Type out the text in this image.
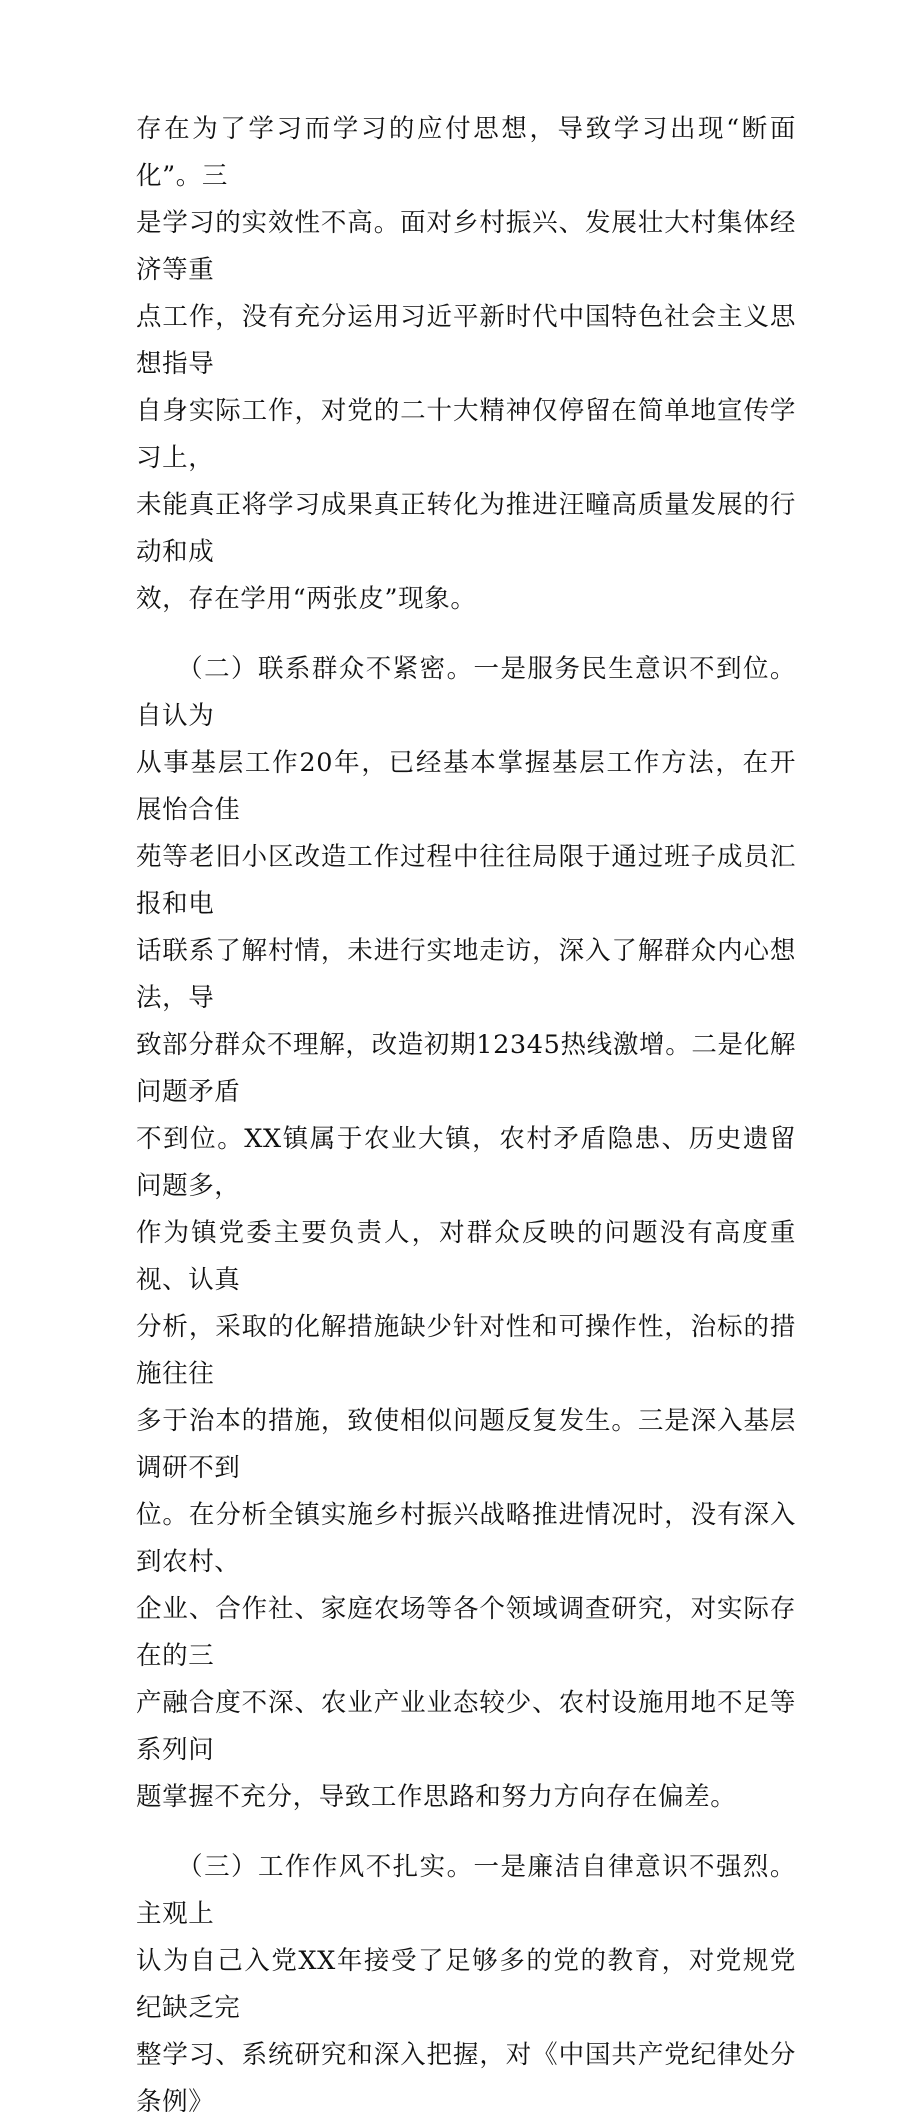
存在为了学习而学习的应付思想，导致学习出现“断面化”。三
是学习的实效性不高。面对乡村振兴、发展壮大村集体经济等重
点工作，没有充分运用习近平新时代中国特色社会主义思想指导
自身实际工作，对党的二十大精神仅停留在简单地宣传学习上，
未能真正将学习成果真正转化为推进汪疃高质量发展的行动和成
效，存在学用“两张皮”现象。

　　（二）联系群众不紧密。一是服务民生意识不到位。自认为
从事基层工作20年，已经基本掌握基层工作方法，在开展怡合佳
苑等老旧小区改造工作过程中往往局限于通过班子成员汇报和电
话联系了解村情，未进行实地走访，深入了解群众内心想法，导
致部分群众不理解，改造初期12345热线激增。二是化解问题矛盾
不到位。XX镇属于农业大镇，农村矛盾隐患、历史遗留问题多，
作为镇党委主要负责人，对群众反映的问题没有高度重视、认真
分析，采取的化解措施缺少针对性和可操作性，治标的措施往往
多于治本的措施，致使相似问题反复发生。三是深入基层调研不到
位。在分析全镇实施乡村振兴战略推进情况时，没有深入到农村、
企业、合作社、家庭农场等各个领域调查研究，对实际存在的三
产融合度不深、农业产业业态较少、农村设施用地不足等系列问
题掌握不充分，导致工作思路和努力方向存在偏差。

　　（三）工作作风不扎实。一是廉洁自律意识不强烈。主观上
认为自己入党XX年接受了足够多的党的教育，对党规党纪缺乏完
整学习、系统研究和深入把握，对《中国共产党纪律处分条例》
